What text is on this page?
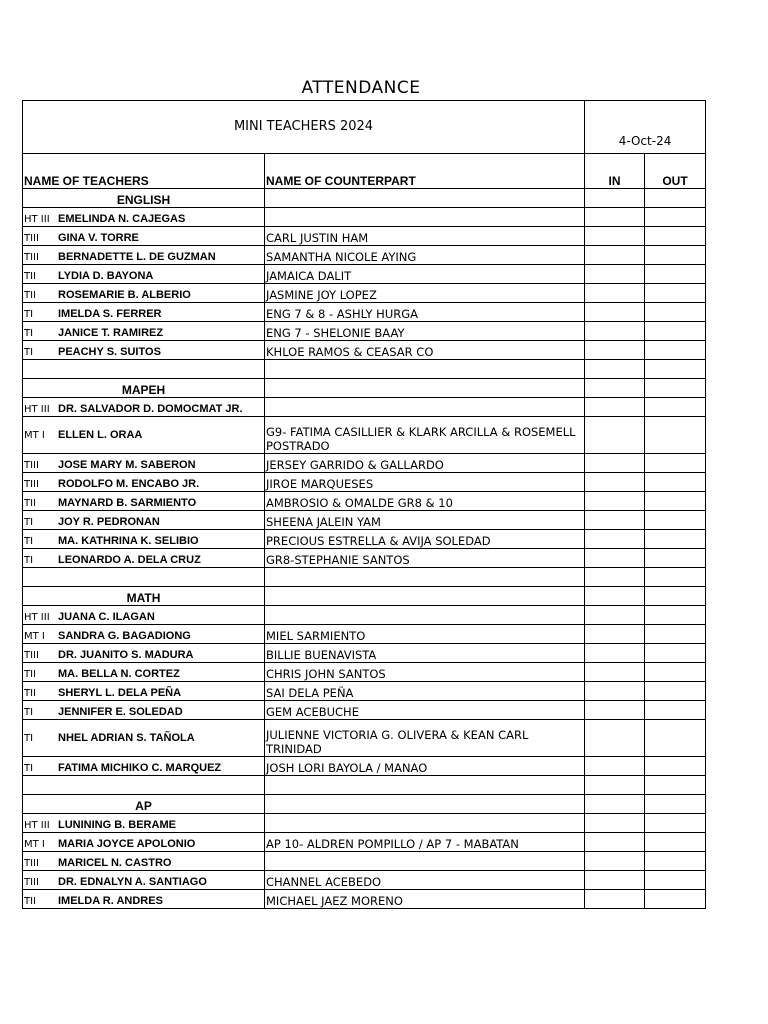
ATTENDANCE
MINI TEACHERS 2024		4-Oct-24	
NAME OF TEACHERS	NAME OF COUNTERPART	IN	OUT
ENGLISH			
HT III EMELINDA N. CAJEGAS			
TIII GINA V. TORRE	CARL JUSTIN HAM		
TIII BERNADETTE L. DE GUZMAN	SAMANTHA NICOLE AYING		
TII LYDIA D. BAYONA	JAMAICA DALIT		
TII ROSEMARIE B. ALBERIO	JASMINE JOY LOPEZ		
TI IMELDA S. FERRER	ENG 7 & 8 - ASHLY HURGA		
TI JANICE T. RAMIREZ	ENG 7 - SHELONIE BAAY		
TI PEACHY S. SUITOS	KHLOE RAMOS & CEASAR CO		

MAPEH			
HT III DR. SALVADOR D. DOMOCMAT JR.			
MT I ELLEN L. ORAA	G9- FATIMA CASILLIER & KLARK ARCILLA & ROSEMELL POSTRADO		
TIII JOSE MARY M. SABERON	JERSEY GARRIDO & GALLARDO		
TIII RODOLFO M. ENCABO JR.	JIROE MARQUESES		
TII MAYNARD B. SARMIENTO	AMBROSIO & OMALDE GR8 & 10		
TI JOY R. PEDRONAN	SHEENA JALEIN YAM		
TI MA. KATHRINA K. SELIBIO	PRECIOUS ESTRELLA & AVIJA SOLEDAD		
TI LEONARDO A. DELA CRUZ	GR8-STEPHANIE SANTOS		

MATH			
HT III JUANA C. ILAGAN			
MT I SANDRA G. BAGADIONG	MIEL SARMIENTO		
TIII DR. JUANITO S. MADURA	BILLIE BUENAVISTA		
TII MA. BELLA N. CORTEZ	CHRIS JOHN SANTOS		
TII SHERYL L. DELA PEÑA	SAI DELA PEÑA		
TI JENNIFER E. SOLEDAD	GEM ACEBUCHE		
TI NHEL ADRIAN S. TAÑOLA	JULIENNE VICTORIA G. OLIVERA & KEAN CARL TRINIDAD		
TI FATIMA MICHIKO C. MARQUEZ	JOSH LORI BAYOLA / MANAO		

AP			
HT III LUNINING B. BERAME			
MT I MARIA JOYCE APOLONIO	AP 10- ALDREN POMPILLO / AP 7 - MABATAN		
TIII MARICEL N. CASTRO			
TIII DR. EDNALYN A. SANTIAGO	CHANNEL ACEBEDO		
TII IMELDA R. ANDRES	MICHAEL JAEZ MORENO		
